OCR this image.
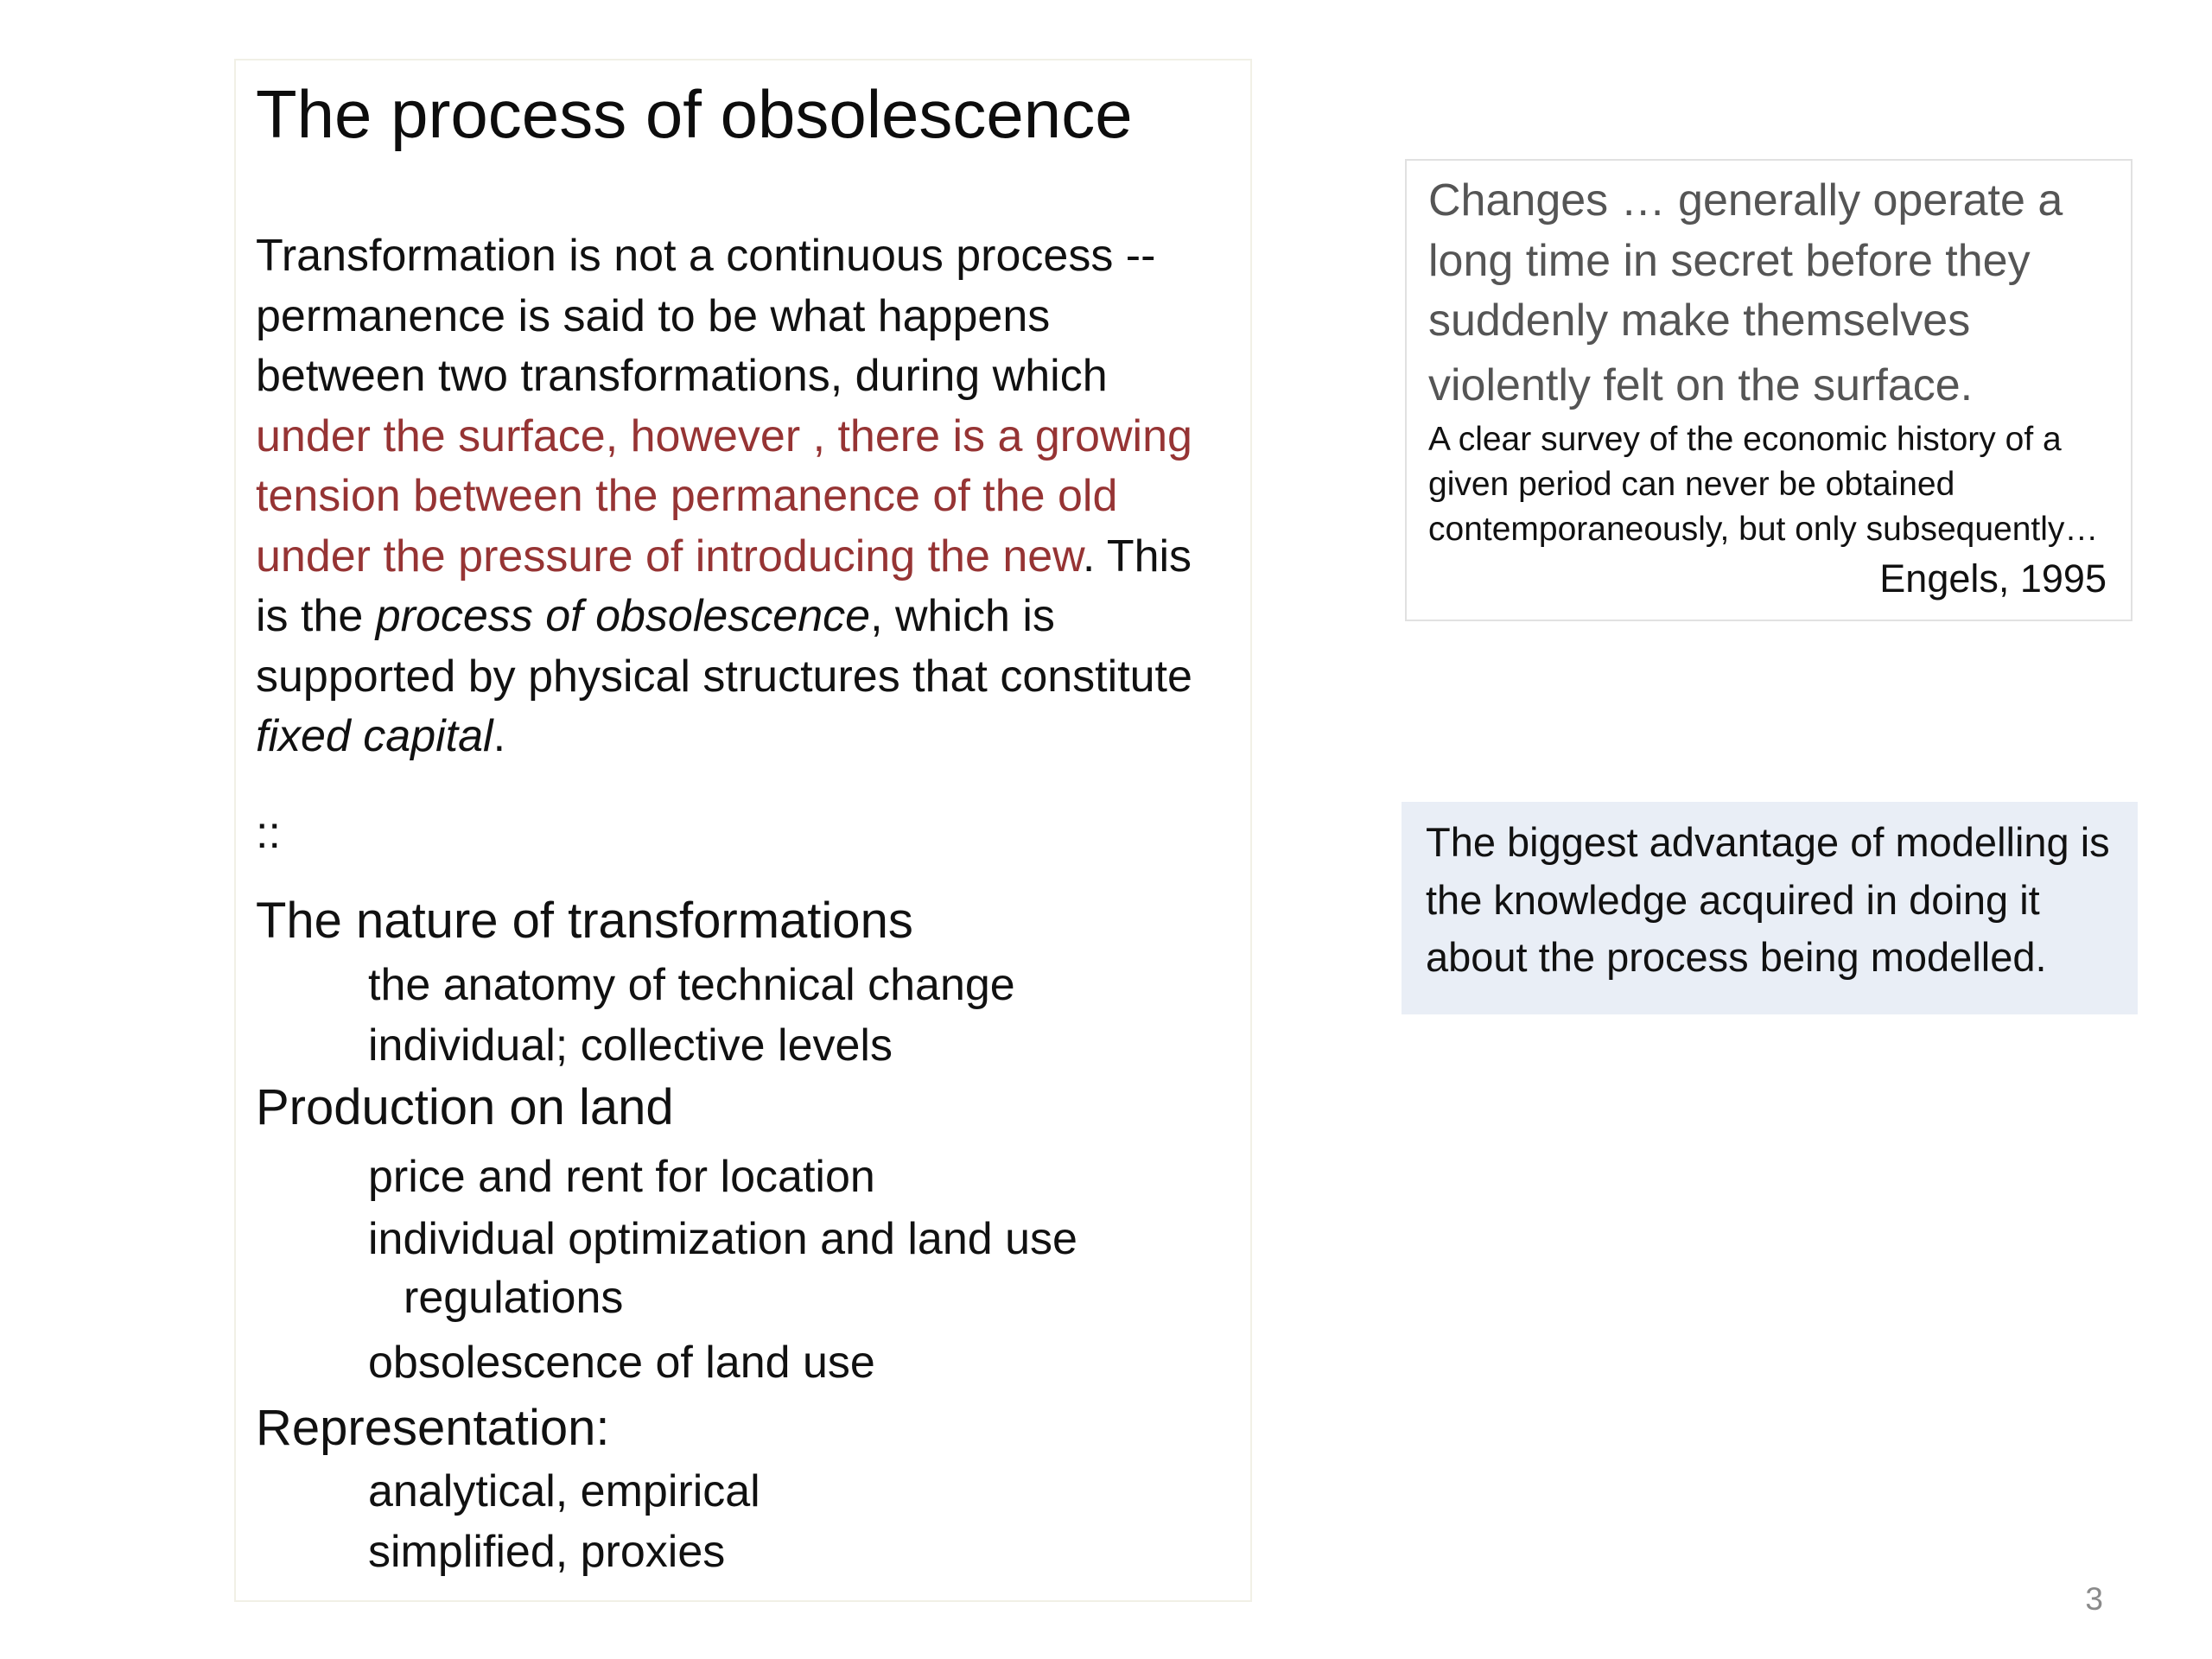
The process of obsolescence
Transformation is not a continuous process --
permanence is said to be what happens
between two transformations, during which
under the surface, however , there is a growing
tension between the permanence of the old
under the pressure of introducing the new. This
is the process of obsolescence, which is
supported by physical structures that constitute
fixed capital.
::
The nature of transformations
the anatomy of technical change
individual; collective levels
Production on land
price and rent for location
individual optimization and land use
regulations
obsolescence of land use
Representation:
analytical, empirical
simplified, proxies
Changes … generally operate a
long time in secret before they
suddenly make themselves
violently felt on the surface.
A clear survey of the economic history of a
given period can never be obtained
contemporaneously, but only subsequently…
Engels, 1995
The biggest advantage of modelling is
the knowledge acquired in doing it
about the process being modelled.
3
